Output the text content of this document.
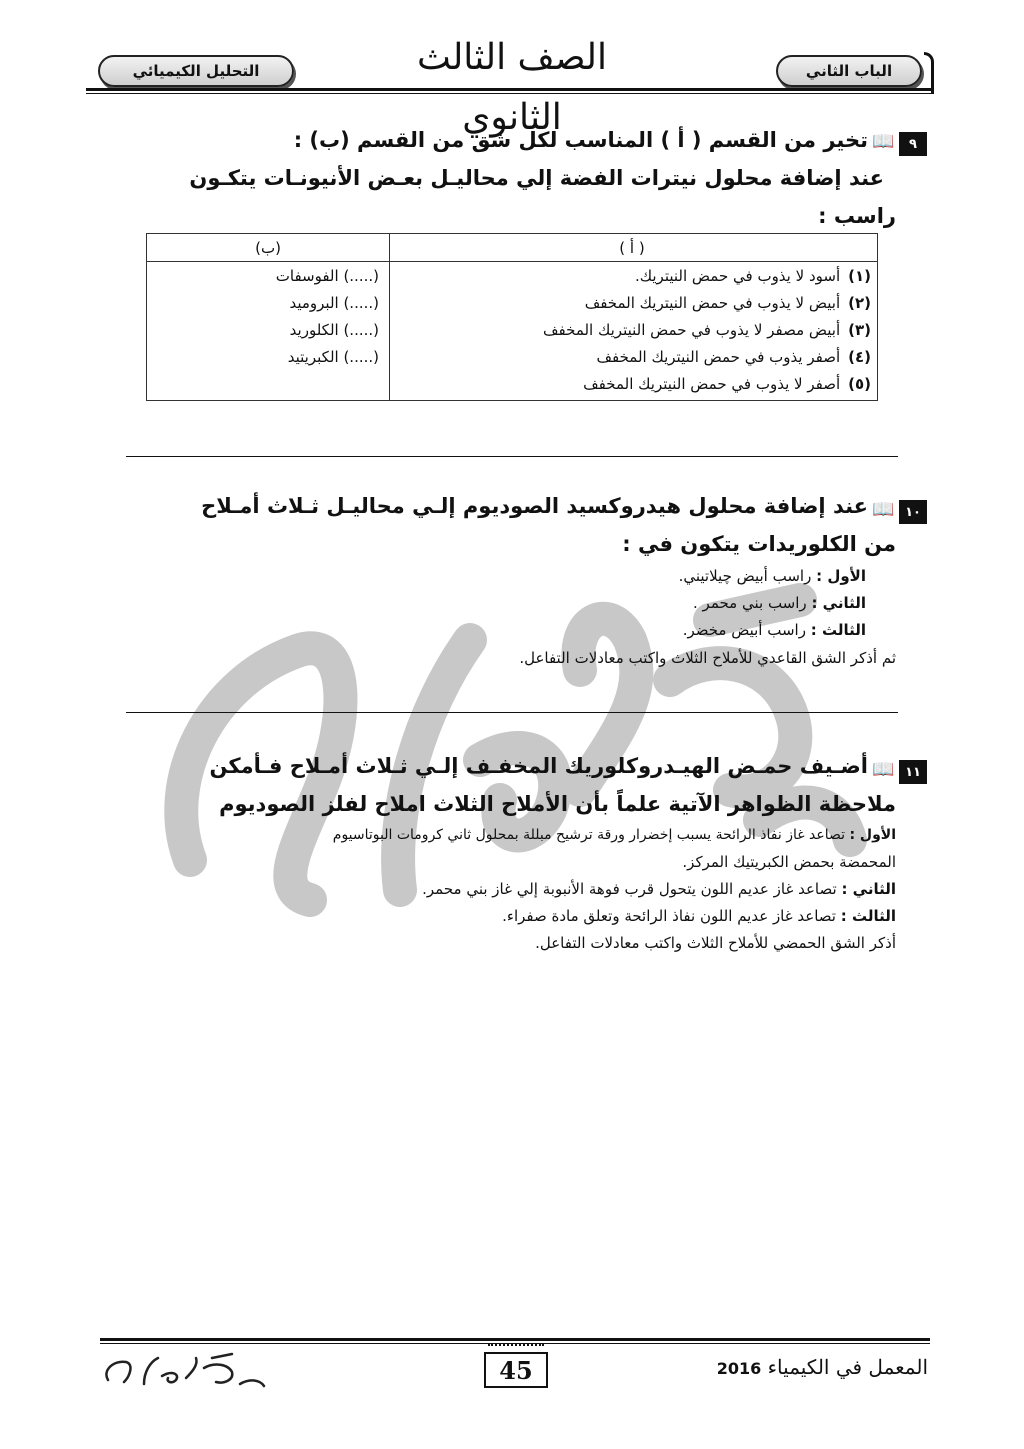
التحليل الكيميائي	الصف الثالث الثانوي
الباب الثاني
٩
📖
تخير من القسم ( أ ) المناسب لكل شق من القسم (ب) :
عند إضافة محلول نيترات الفضة إلي محاليـل بعـض الأنيونـات يتكـون
راسب :
( أ )
(ب)
(١)أسود لا يذوب في حمض النيتريك.
(٢)أبيض لا يذوب في حمض النيتريك المخفف
(٣)أبيض مصفر لا يذوب في حمض النيتريك المخفف
(٤)أصفر يذوب في حمض النيتريك المخفف
(٥)أصفر لا يذوب في حمض النيتريك المخفف
(.....) الفوسفات
(.....) البروميد
(.....) الكلوريد
(.....) الكبريتيد
١٠
📖
عند إضافة محلول هيدروكسيد الصوديوم إلـي محاليـل ثـلاث أمـلاح
من الكلوريدات يتكون في :
الأول : راسب أبيض چيلاتيني.
الثاني : راسب بني محمر .
الثالث : راسب أبيض مخضر.
ثم أذكر الشق القاعدي للأملاح الثلاث واكتب معادلات التفاعل.
١١
📖
أضـيف حمـض الهيـدروكلوريك المخفـف إلـي ثـلاث أمـلاح فـأمكن
ملاحظة الظواهر الآتية علماً بأن الأملاح الثلاث املاح لفلز الصوديوم
الأول : تصاعد غاز نفاذ الرائحة يسبب إخضرار ورقة ترشيح مبللة بمحلول ثاني كرومات البوتاسيوم
المحمضة بحمض الكبريتيك المركز.
الثاني : تصاعد غاز عديم اللون يتحول قرب فوهة الأنبوبة إلي غاز بني محمر.
الثالث : تصاعد غاز عديم اللون نفاذ الرائحة وتعلق مادة صفراء.
أذكر الشق الحمضي للأملاح الثلاث واكتب معادلات التفاعل.
45	المعمل في الكيمياء 2016
